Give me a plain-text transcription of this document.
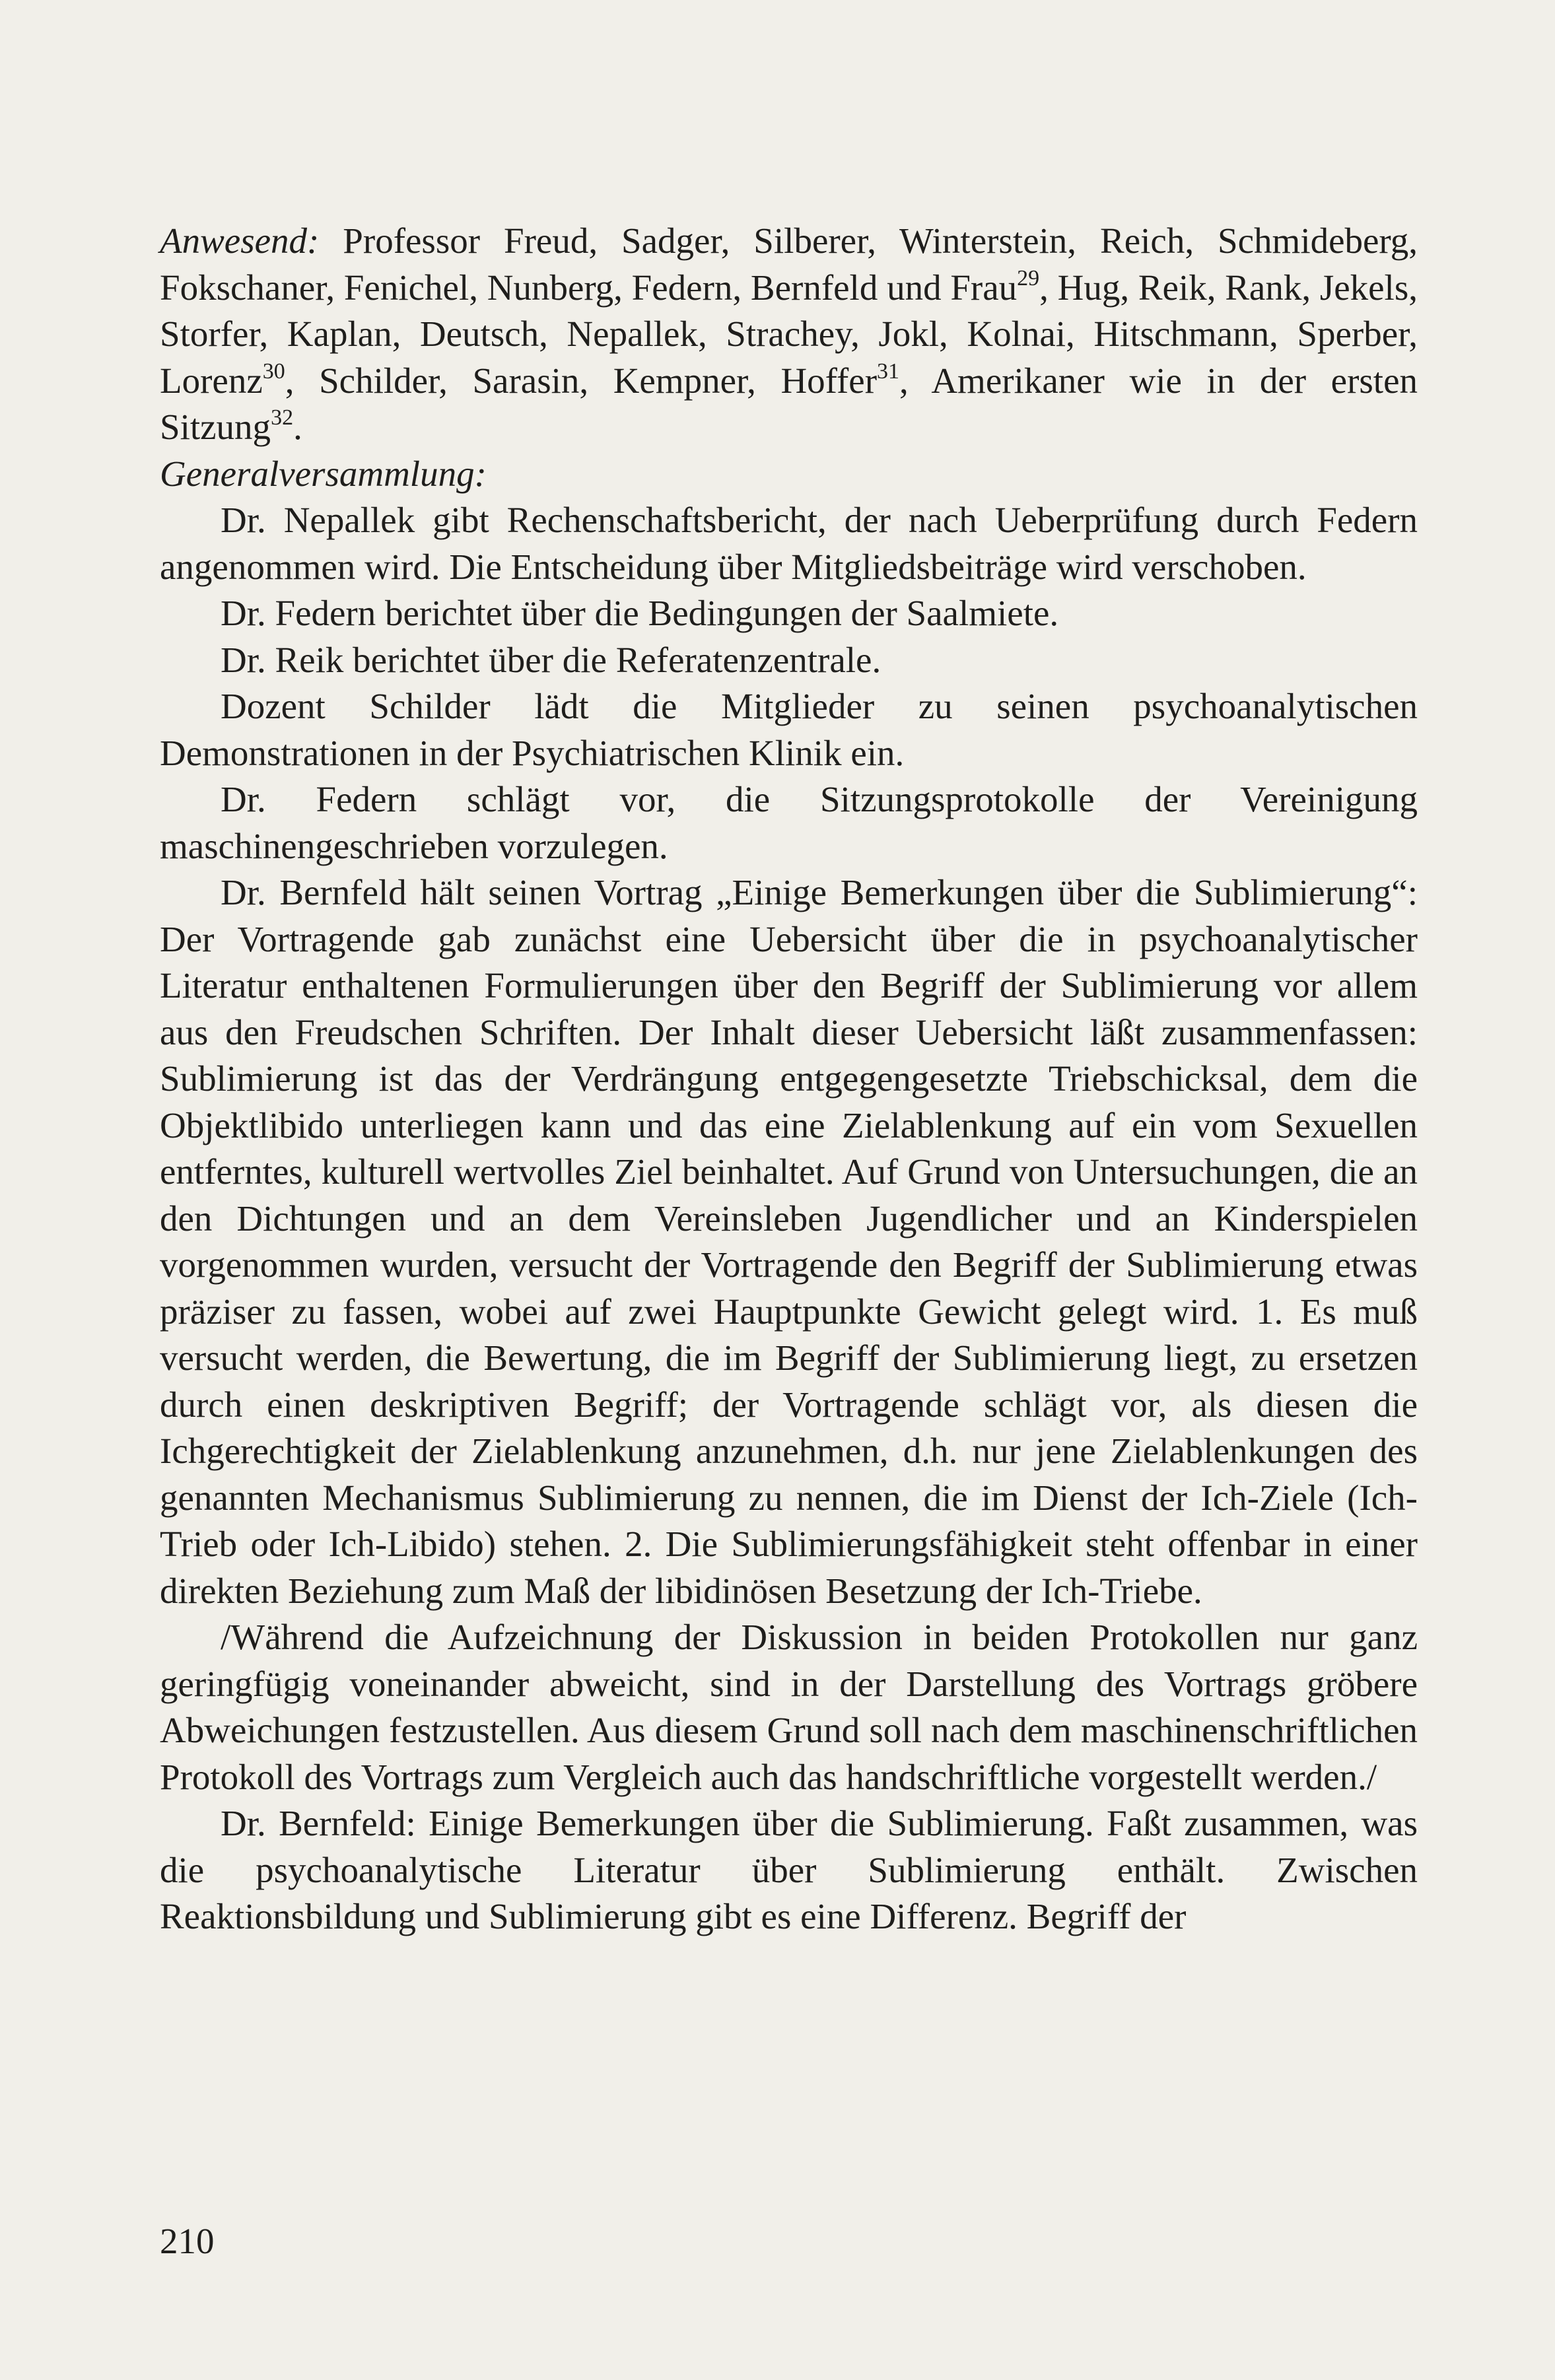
Anwesend: Professor Freud, Sadger, Silberer, Winterstein, Reich, Schmideberg, Fokschaner, Fenichel, Nunberg, Federn, Bernfeld und Frau$^{29}$, Hug, Reik, Rank, Jekels, Storfer, Kaplan, Deutsch, Nepallek, Strachey, Jokl, Kolnai, Hitschmann, Sperber, Lorenz$^{30}$, Schilder, Sarasin, Kempner, Hoffer$^{31}$, Amerikaner wie in der ersten Sitzung$^{32}$.

Generalversammlung:

Dr. Nepallek gibt Rechenschaftsbericht, der nach Ueberprüfung durch Federn angenommen wird. Die Entscheidung über Mitgliedsbeiträge wird verschoben.

Dr. Federn berichtet über die Bedingungen der Saalmiete.

Dr. Reik berichtet über die Referatenzentrale.

Dozent Schilder lädt die Mitglieder zu seinen psychoanalytischen Demonstrationen in der Psychiatrischen Klinik ein.

Dr. Federn schlägt vor, die Sitzungsprotokolle der Vereinigung maschinengeschrieben vorzulegen.

Dr. Bernfeld hält seinen Vortrag „Einige Bemerkungen über die Sublimierung“: Der Vortragende gab zunächst eine Uebersicht über die in psychoanalytischer Literatur enthaltenen Formulierungen über den Begriff der Sublimierung vor allem aus den Freudschen Schriften. Der Inhalt dieser Uebersicht läßt zusammenfassen: Sublimierung ist das der Verdrängung entgegengesetzte Triebschicksal, dem die Objektlibido unterliegen kann und das eine Zielablenkung auf ein vom Sexuellen entferntes, kulturell wertvolles Ziel beinhaltet. Auf Grund von Untersuchungen, die an den Dichtungen und an dem Vereinsleben Jugendlicher und an Kinderspielen vorgenommen wurden, versucht der Vortragende den Begriff der Sublimierung etwas präziser zu fassen, wobei auf zwei Hauptpunkte Gewicht gelegt wird. 1. Es muß versucht werden, die Bewertung, die im Begriff der Sublimierung liegt, zu ersetzen durch einen deskriptiven Begriff; der Vortragende schlägt vor, als diesen die Ichgerechtigkeit der Zielablenkung anzunehmen, d.h. nur jene Zielablenkungen des genannten Mechanismus Sublimierung zu nennen, die im Dienst der Ich-Ziele (Ich-Trieb oder Ich-Libido) stehen. 2. Die Sublimierungsfähigkeit steht offenbar in einer direkten Beziehung zum Maß der libidinösen Besetzung der Ich-Triebe.

/Während die Aufzeichnung der Diskussion in beiden Protokollen nur ganz geringfügig voneinander abweicht, sind in der Darstellung des Vortrags gröbere Abweichungen festzustellen. Aus diesem Grund soll nach dem maschinenschriftlichen Protokoll des Vortrags zum Vergleich auch das handschriftliche vorgestellt werden./

Dr. Bernfeld: Einige Bemerkungen über die Sublimierung. Faßt zusammen, was die psychoanalytische Literatur über Sublimierung enthält. Zwischen Reaktionsbildung und Sublimierung gibt es eine Differenz. Begriff der

210
